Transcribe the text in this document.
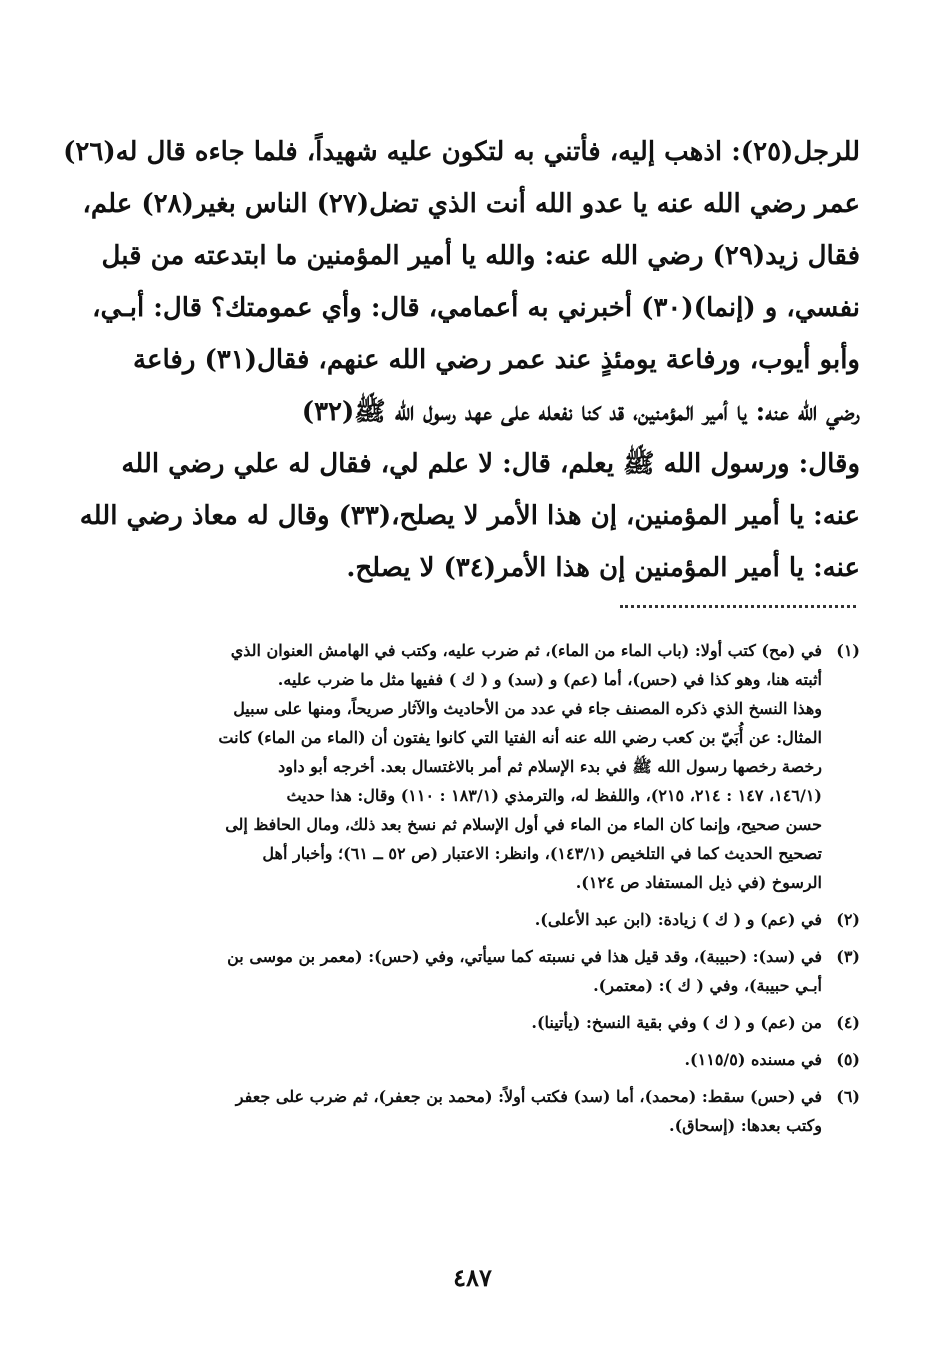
للرجل(٢٥): اذهب إليه، فأتني به لتكون عليه شهيداً، فلما جاءه قال له(٢٦)
عمر رضي الله عنه يا عدو الله أنت الذي تضل(٢٧) الناس بغير(٢٨) علم،
فقال زيد(٢٩) رضي الله عنه: والله يا أمير المؤمنين ما ابتدعته من قبل
نفسي، و (إنما)(٣٠) أخبرني به أعمامي، قال: وأي عمومتك؟ قال: أبـي،
وأبو أيوب، ورفاعة يومئذٍ عند عمر رضي الله عنهم، فقال(٣١) رفاعة
رضي الله عنه: يا أمير المؤمنين، قد كنا نفعله على عهد رسول الله ﷺ(٣٢)
وقال: ورسول الله ﷺ يعلم، قال: لا علم لي، فقال له علي رضي الله
عنه: يا أمير المؤمنين، إن هذا الأمر لا يصلح،(٣٣) وقال له معاذ رضي الله
عنه: يا أمير المؤمنين إن هذا الأمر(٣٤) لا يصلح.
(١)
في (مح) كتب أولا: (باب الماء من الماء)، ثم ضرب عليه، وكتب في الهامش العنوان الذي
أثبته هنا، وهو كذا في (حس)، أما (عم) و (سد) و ( ك ) ففيها مثل ما ضرب عليه.
وهذا النسخ الذي ذكره المصنف جاء في عدد من الأحاديث والآثار صريحاً، ومنها على سبيل
المثال: عن أُبَيّ بن كعب رضي الله عنه أنه الفتيا التي كانوا يفتون أن (الماء من الماء) كانت
رخصة رخصها رسول الله ﷺ في بدء الإسلام ثم أمر بالاغتسال بعد. أخرجه أبو داود
(١٤٦/١، ١٤٧ : ٢١٤، ٢١٥)، واللفظ له، والترمذي (١٨٣/١ : ١١٠) وقال: هذا حديث
حسن صحيح، وإنما كان الماء من الماء في أول الإسلام ثم نسخ بعد ذلك، ومال الحافظ إلى
تصحيح الحديث كما في التلخيص (١٤٣/١)، وانظر: الاعتبار (ص ٥٢ ــ ٦١)؛ وأخبار أهل
الرسوخ (في ذيل المستفاد ص ١٢٤).
(٢)
في (عم) و ( ك ) زيادة: (ابن عبد الأعلى).
(٣)
في (سد): (حبيبة)، وقد قيل هذا في نسبته كما سيأتي، وفي (حس): (معمر بن موسى بن
أبـي حبيبة)، وفي ( ك ): (معتمر).
(٤)
من (عم) و ( ك ) وفي بقية النسخ: (يأتينا).
(٥)
في مسنده (١١٥/٥).
(٦)
في (حس) سقط: (محمد)، أما (سد) فكتب أولاً: (محمد بن جعفر)، ثم ضرب على جعفر
وكتب بعدها: (إسحاق).
٤٨٧
